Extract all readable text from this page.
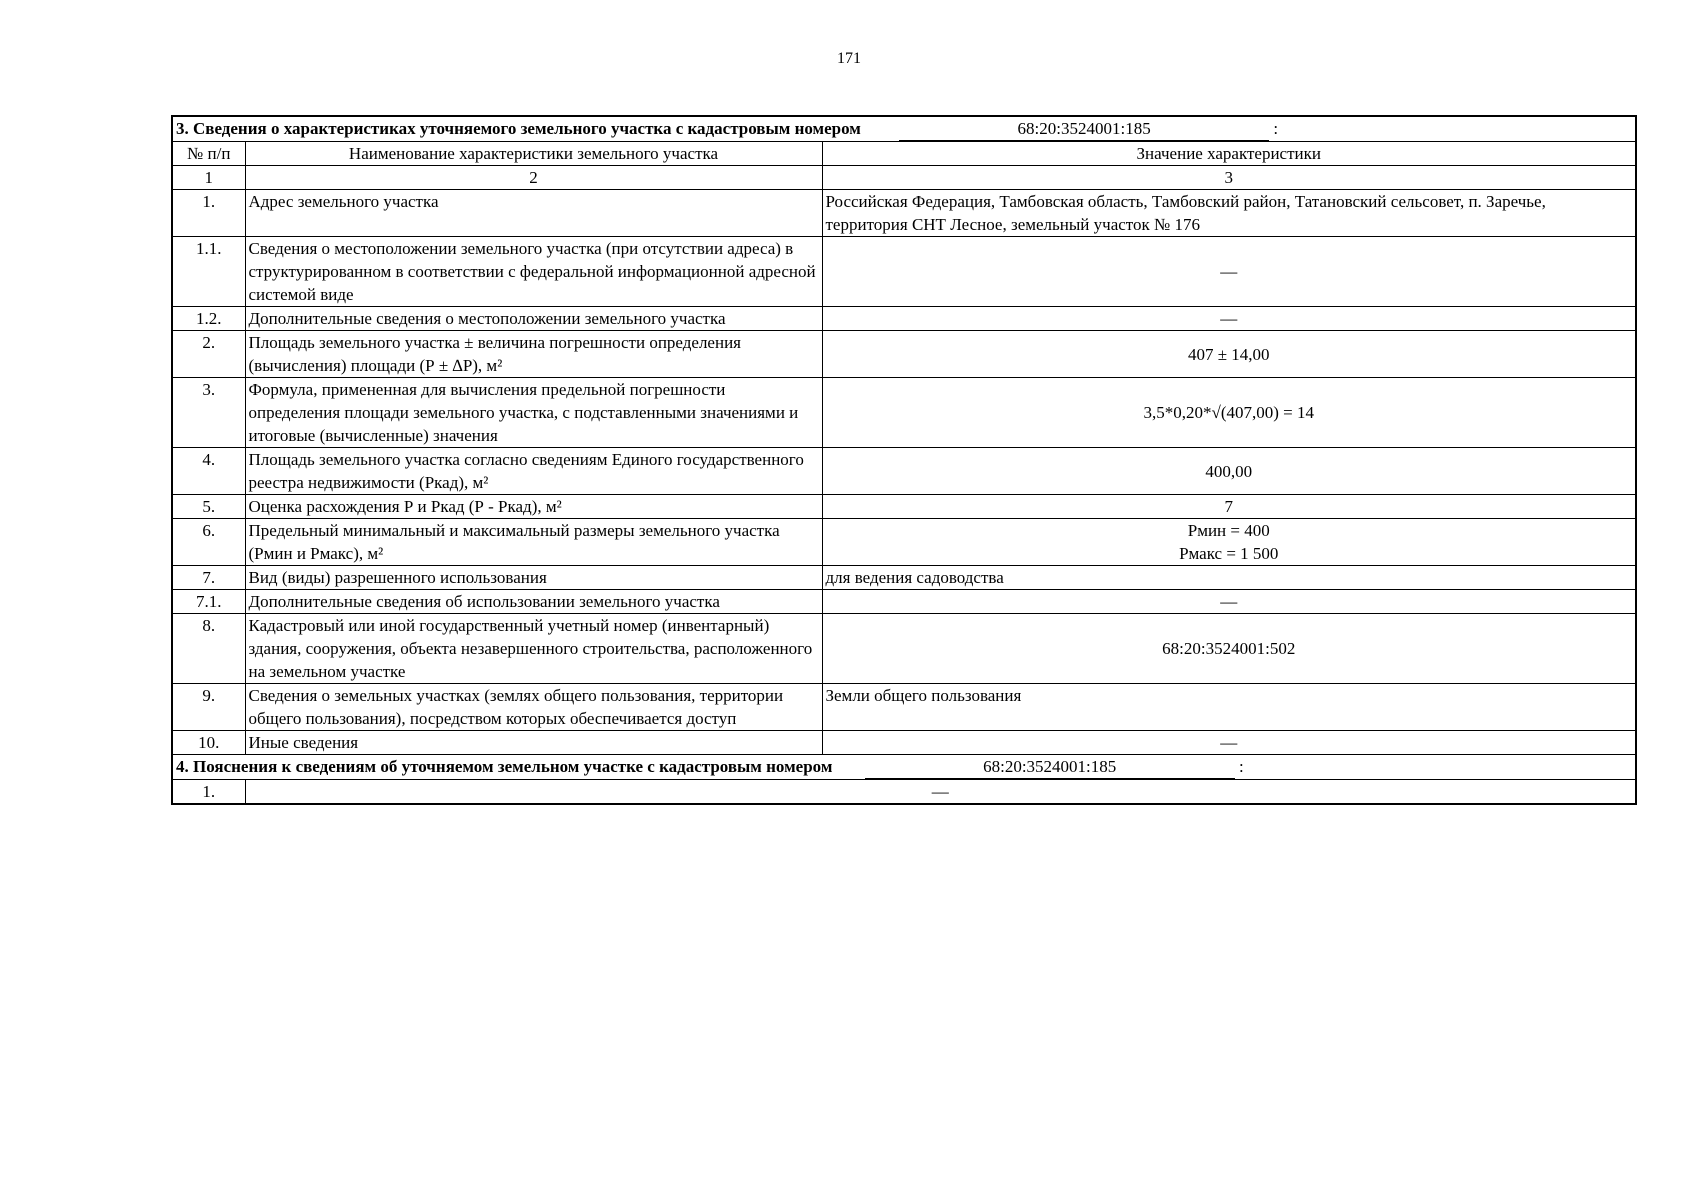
171
3. Сведения о характеристиках уточняемого земельного участка с кадастровым номером 68:20:3524001:185 :		
№ п/п	Наименование характеристики земельного участка	Значение характеристики
1	2	3
1.	Адрес земельного участка	Российская Федерация, Тамбовская область, Тамбовский район, Татановский сельсовет, п. Заречье, территория СНТ Лесное, земельный участок № 176
1.1.	Сведения о местоположении земельного участка (при отсутствии адреса) в структурированном в соответствии с федеральной информационной адресной системой виде	—
1.2.	Дополнительные сведения о местоположении земельного участка	—
2.	Площадь земельного участка ± величина погрешности определения (вычисления) площади (Р ± ∆Р), м²	407 ± 14,00
3.	Формула, примененная для вычисления предельной погрешности определения площади земельного участка, с подставленными значениями и итоговые (вычисленные) значения	3,5*0,20*√(407,00) = 14
4.	Площадь земельного участка согласно сведениям Единого государственного реестра недвижимости (Ркад), м²	400,00
5.	Оценка расхождения Р и Ркад (Р - Ркад), м²	7
6.	Предельный минимальный и максимальный размеры земельного участка (Рмин и Рмакс), м²	Рмин = 400
Рмакс = 1 500

7.	Вид (виды) разрешенного использования	для ведения садоводства
7.1.	Дополнительные сведения об использовании земельного участка	—
8.	Кадастровый или иной государственный учетный номер (инвентарный) здания, сооружения, объекта незавершенного строительства, расположенного на земельном участке	68:20:3524001:502
9.	Сведения о земельных участках (землях общего пользования, территории общего пользования), посредством которых обеспечивается доступ	Земли общего пользования
10.	Иные сведения	—
4. Пояснения к сведениям об уточняемом земельном участке с кадастровым номером 68:20:3524001:185 :		
1.	—	
